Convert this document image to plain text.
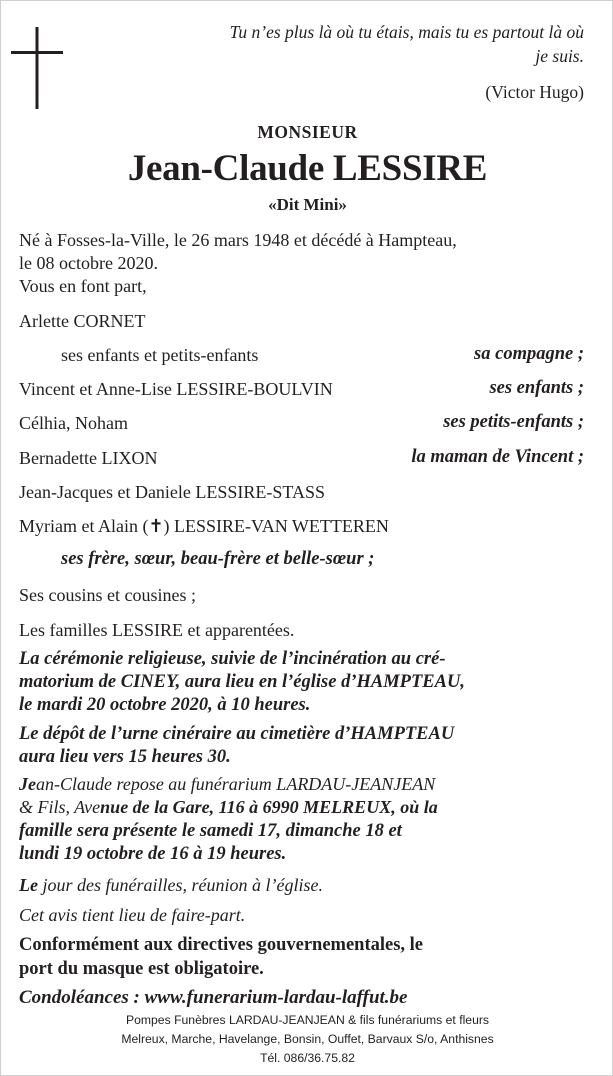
Tu n’es plus là où tu étais, mais tu es partout là où
je suis.
(Victor Hugo)
MONSIEUR
Jean-Claude LESSIRE
«Dit Mini»
Né à Fosses-la-Ville, le 26 mars 1948 et décédé à Hampteau,
le 08 octobre 2020.
Vous en font part,
Arlette CORNET
ses enfants et petits-enfants	sa compagne ;
Vincent et Anne-Lise LESSIRE-BOULVIN	ses enfants ;
Célhia, Noham	ses petits-enfants ;
Bernadette LIXON	la maman de Vincent ;
Jean-Jacques et Daniele LESSIRE-STASS
Myriam et Alain (✝) LESSIRE-VAN WETTEREN
ses frère, sœur, beau-frère et belle-sœur ;
Ses cousins et cousines ;
Les familles LESSIRE et apparentées.
La cérémonie religieuse, suivie de l’incinération au cré-
matorium de CINEY, aura lieu en l’église d’HAMPTEAU,
le mardi 20 octobre 2020, à 10 heures.
Le dépôt de l’urne cinéraire au cimetière d’HAMPTEAU
aura lieu vers 15 heures 30.
Jean-Claude repose au funérarium LARDAU-JEANJEAN
& Fils, Avenue de la Gare, 116 à 6990 MELREUX, où la
famille sera présente le samedi 17, dimanche 18 et
lundi 19 octobre de 16 à 19 heures.
Le jour des funérailles, réunion à l’église.
Cet avis tient lieu de faire-part.
Conformément aux directives gouvernementales, le
port du masque est obligatoire.
Condoléances : www.funerarium-lardau-laffut.be
Pompes Funèbres LARDAU-JEANJEAN & fils funérariums et fleurs
Melreux, Marche, Havelange, Bonsin, Ouffet, Barvaux S/o, Anthisnes
Tél. 086/36.75.82
